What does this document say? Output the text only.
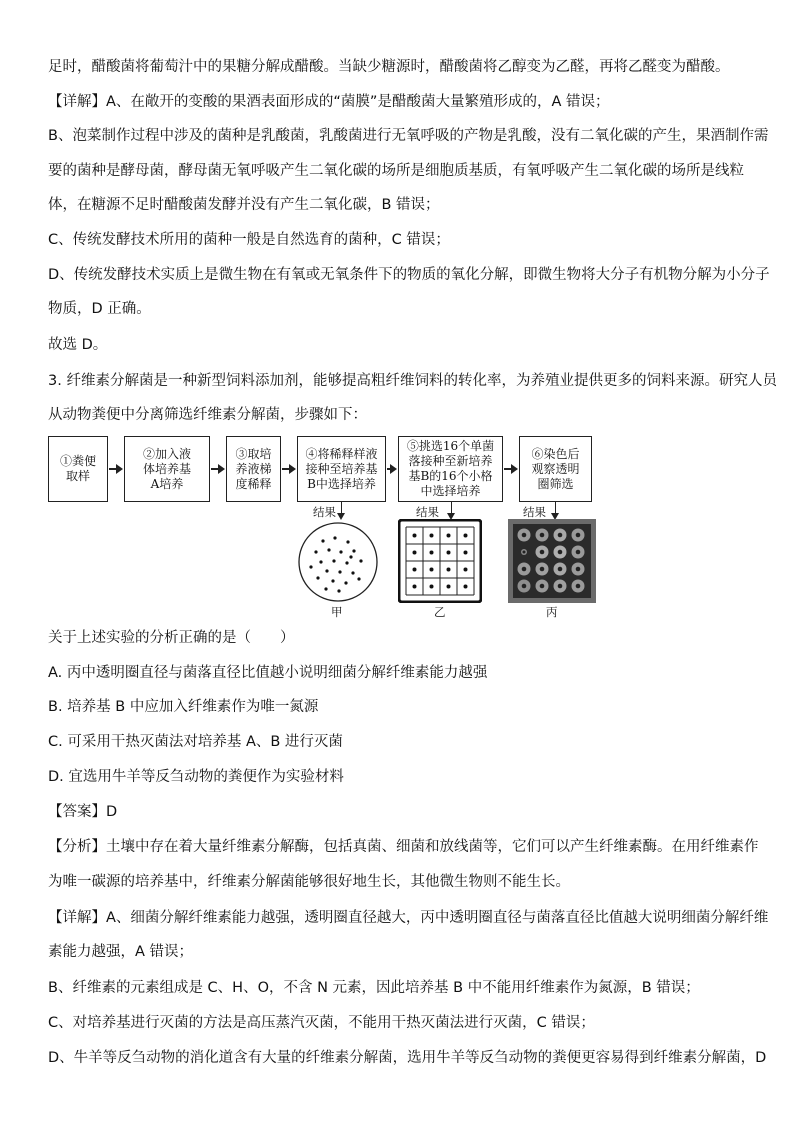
足时，醋酸菌将葡萄汁中的果糖分解成醋酸。当缺少糖源时，醋酸菌将乙醇变为乙醛，再将乙醛变为醋酸。
【详解】A、在敞开的变酸的果酒表面形成的“菌膜”是醋酸菌大量繁殖形成的，A 错误；
B、泡菜制作过程中涉及的菌种是乳酸菌，乳酸菌进行无氧呼吸的产物是乳酸，没有二氧化碳的产生，果酒制作需
要的菌种是酵母菌，酵母菌无氧呼吸产生二氧化碳的场所是细胞质基质，有氧呼吸产生二氧化碳的场所是线粒
体，在糖源不足时醋酸菌发酵并没有产生二氧化碳，B 错误；
C、传统发酵技术所用的菌种一般是自然选育的菌种，C 错误；
D、传统发酵技术实质上是微生物在有氧或无氧条件下的物质的氧化分解，即微生物将大分子有机物分解为小分子
物质，D 正确。
故选 D。
3. 纤维素分解菌是一种新型饲料添加剂，能够提高粗纤维饲料的转化率，为养殖业提供更多的饲料来源。研究人员
从动物粪便中分离筛选纤维素分解菌，步骤如下：
①粪便
取样
②加入液
体培养基
A培养
③取培
养液梯
度稀释
④将稀释样液
接种至培养基
B中选择培养
⑤挑选16个单菌
落接种至新培养
基B的16个小格
中选择培养
⑥染色后
观察透明
圈筛选
结果	结果	结果
甲	乙	丙
关于上述实验的分析正确的是（　　）
A. 丙中透明圈直径与菌落直径比值越小说明细菌分解纤维素能力越强
B. 培养基 B 中应加入纤维素作为唯一氮源
C. 可采用干热灭菌法对培养基 A、B 进行灭菌
D. 宜选用牛羊等反刍动物的粪便作为实验材料
【答案】D
【分析】土壤中存在着大量纤维素分解酶，包括真菌、细菌和放线菌等，它们可以产生纤维素酶。在用纤维素作
为唯一碳源的培养基中，纤维素分解菌能够很好地生长，其他微生物则不能生长。
【详解】A、细菌分解纤维素能力越强，透明圈直径越大，丙中透明圈直径与菌落直径比值越大说明细菌分解纤维
素能力越强，A 错误；
B、纤维素的元素组成是 C、H、O，不含 N 元素，因此培养基 B 中不能用纤维素作为氮源，B 错误；
C、对培养基进行灭菌的方法是高压蒸汽灭菌，不能用干热灭菌法进行灭菌，C 错误；
D、牛羊等反刍动物的消化道含有大量的纤维素分解菌，选用牛羊等反刍动物的粪便更容易得到纤维素分解菌，D
